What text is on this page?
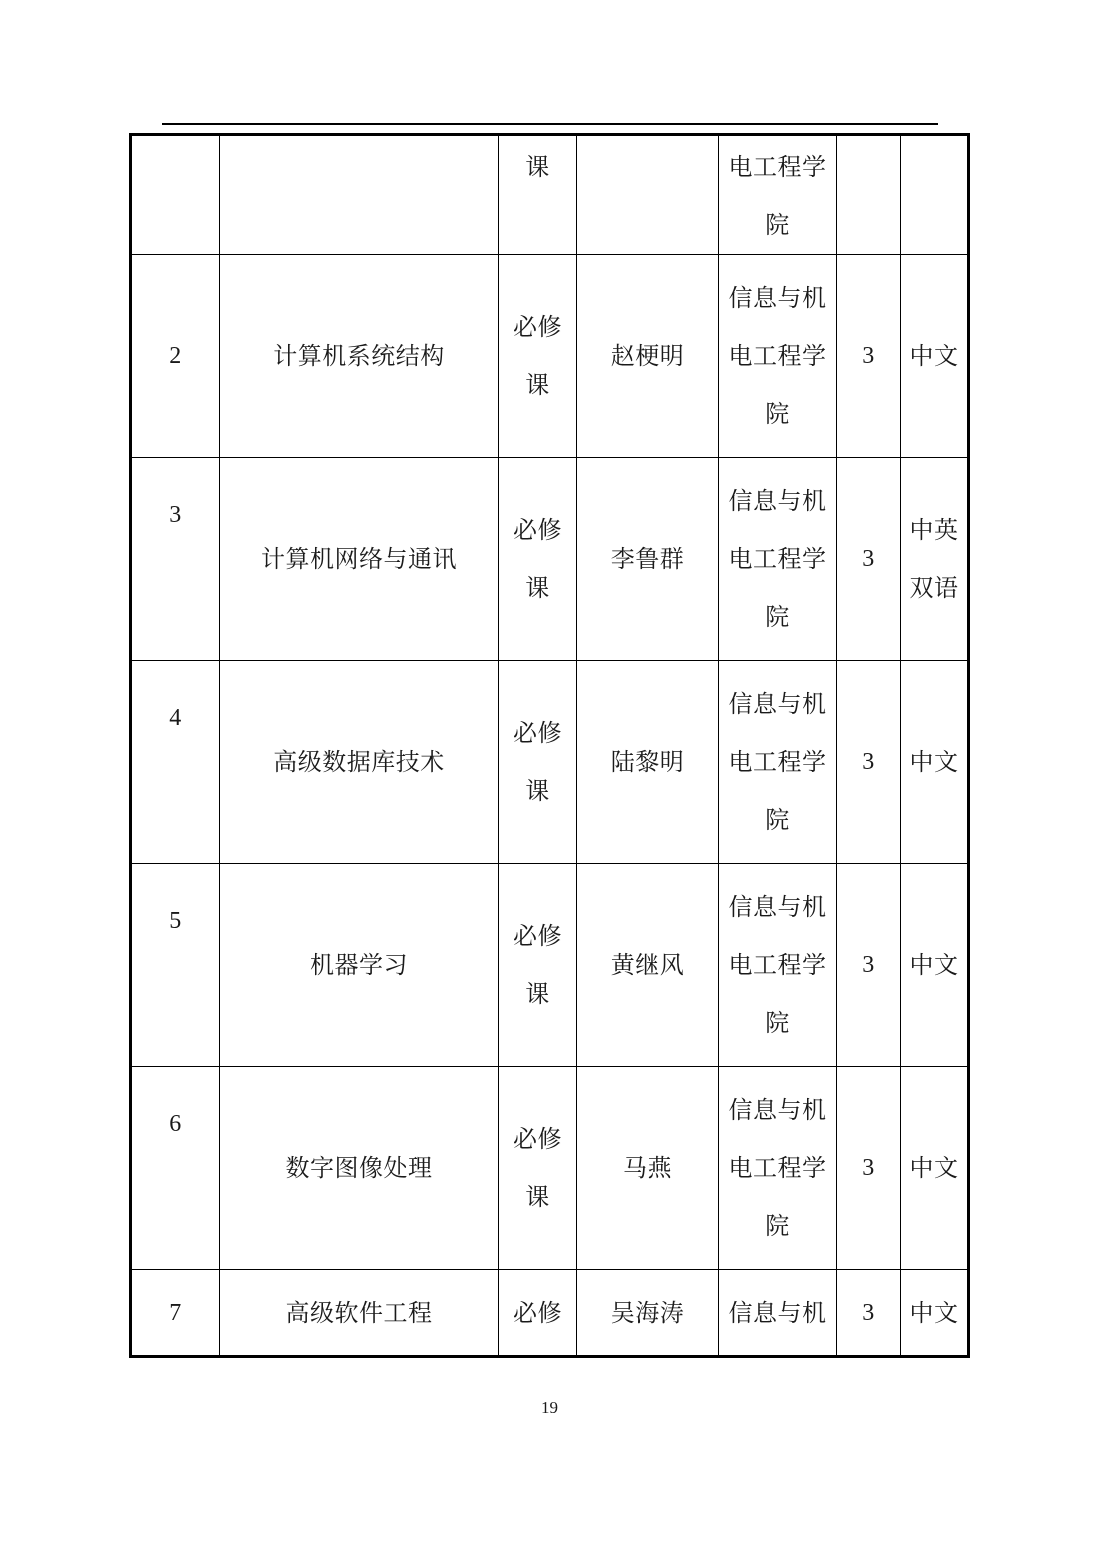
		课		电工程学院		
2	计算机系统结构	必修课	赵梗明	信息与机电工程学院	3	中文

3	计算机网络与通讯	必修课	李鲁群	信息与机电工程学院	3	中英双语

4	高级数据库技术	必修课	陆黎明	信息与机电工程学院	3	中文

5	机器学习	必修课	黄继风	信息与机电工程学院	3	中文

6	数字图像处理	必修课	马燕	信息与机电工程学院	3	中文
7	高级软件工程	必修	吴海涛	信息与机	3	中文
19
